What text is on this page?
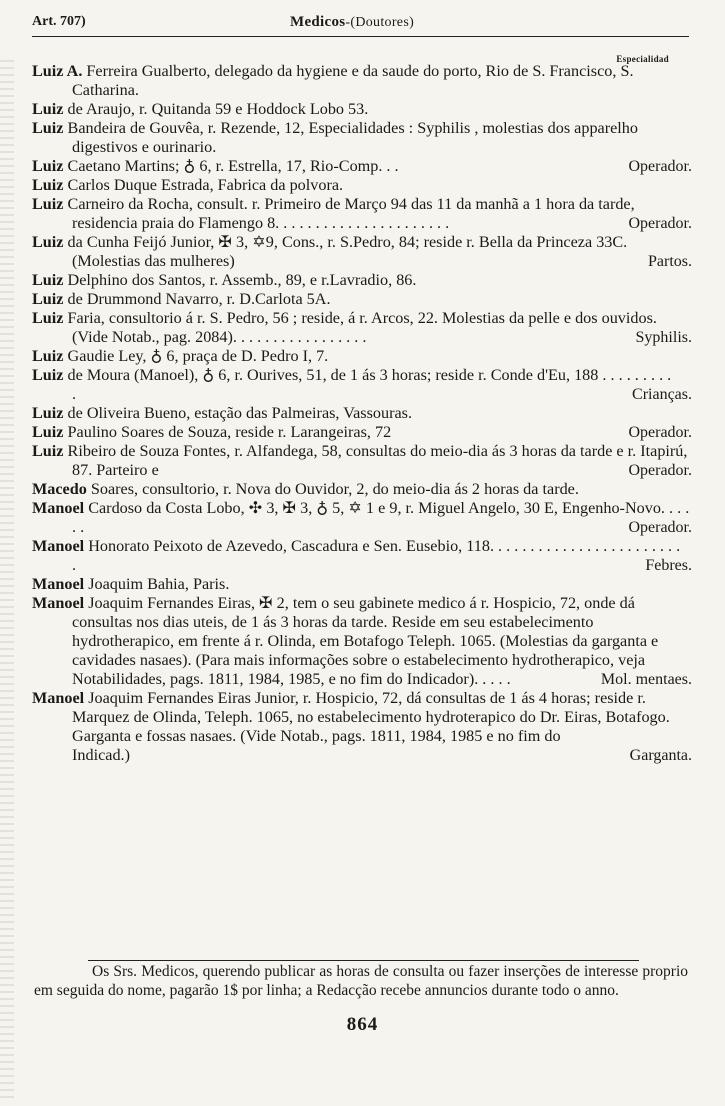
Art. 707)	Medicos-(Doutores)
Especialidad
Luiz A. Ferreira Gualberto, delegado da hygiene e da saude do porto, Rio de S. Francisco, S. Catharina.
Luiz de Araujo, r. Quitanda 59 e Hoddock Lobo 53.
Luiz Bandeira de Gouvêa, r. Rezende, 12, Especialidades : Syphilis , molestias dos apparelho digestivos e ourinario.
Luiz Caetano Martins; ♁ 6, r. Estrella, 17, Rio-Comp. . .	Operador.
Luiz Carlos Duque Estrada, Fabrica da polvora.
Luiz Carneiro da Rocha, consult. r. Primeiro de Março 94 das 11 da manhã a 1 hora da tarde, residencia praia do Flamengo 8. . . . . . . . . . . . . . . . . . . . . .	Operador.
Luiz da Cunha Feijó Junior, ✠ 3, ✡9, Cons., r. S.Pedro, 84; reside r. Bella da Princeza 33C. (Molestias das mulheres)	Partos.
Luiz Delphino dos Santos, r. Assemb., 89, e r.Lavradio, 86.
Luiz de Drummond Navarro, r. D.Carlota 5A.
Luiz Faria, consultorio á r. S. Pedro, 56 ; reside, á r. Arcos, 22. Molestias da pelle e dos ouvidos. (Vide Notab., pag. 2084). . . . . . . . . . . . . . . . .	Syphilis.
Luiz Gaudie Ley, ♁ 6, praça de D. Pedro I, 7.
Luiz de Moura (Manoel), ♁ 6, r. Ourives, 51, de 1 ás 3 horas; reside r. Conde d'Eu, 188 . . . . . . . . . .	Crianças.
Luiz de Oliveira Bueno, estação das Palmeiras, Vassouras.
Luiz Paulino Soares de Souza, reside r. Larangeiras, 72	Operador.
Luiz Ribeiro de Souza Fontes, r. Alfandega, 58, consultas do meio-dia ás 3 horas da tarde e r. Itapirú, 87. Parteiro e	Operador.
Macedo Soares, consultorio, r. Nova do Ouvidor, 2, do meio-dia ás 2 horas da tarde.
Manoel Cardoso da Costa Lobo, ✣ 3, ✠ 3, ♁ 5, ✡ 1 e 9, r. Miguel Angelo, 30 E, Engenho-Novo. . . . . .	Operador.
Manoel Honorato Peixoto de Azevedo, Cascadura e Sen. Eusebio, 118. . . . . . . . . . . . . . . . . . . . . . . . .	Febres.
Manoel Joaquim Bahia, Paris.
Manoel Joaquim Fernandes Eiras, ✠ 2, tem o seu gabinete medico á r. Hospicio, 72, onde dá consultas nos dias uteis, de 1 ás 3 horas da tarde. Reside em seu estabelecimento hydrotherapico, em frente á r. Olinda, em Botafogo Teleph. 1065. (Molestias da garganta e cavidades nasaes). (Para mais informações sobre o estabelecimento hydrotherapico, veja Notabilidades, pags. 1811, 1984, 1985, e no fim do Indicador). . . . .	Mol. mentaes.
Manoel Joaquim Fernandes Eiras Junior, r. Hospicio, 72, dá consultas de 1 ás 4 horas; reside r. Marquez de Olinda, Teleph. 1065, no estabelecimento hydroterapico do Dr. Eiras, Botafogo. Garganta e fossas nasaes. (Vide Notab., pags. 1811, 1984, 1985 e no fim do Indicad.)	Garganta.
Os Srs. Medicos, querendo publicar as horas de consulta ou fazer inserções de interesse proprio em seguida do nome, pagarão 1$ por linha; a Redacção recebe annuncios durante todo o anno.
864
